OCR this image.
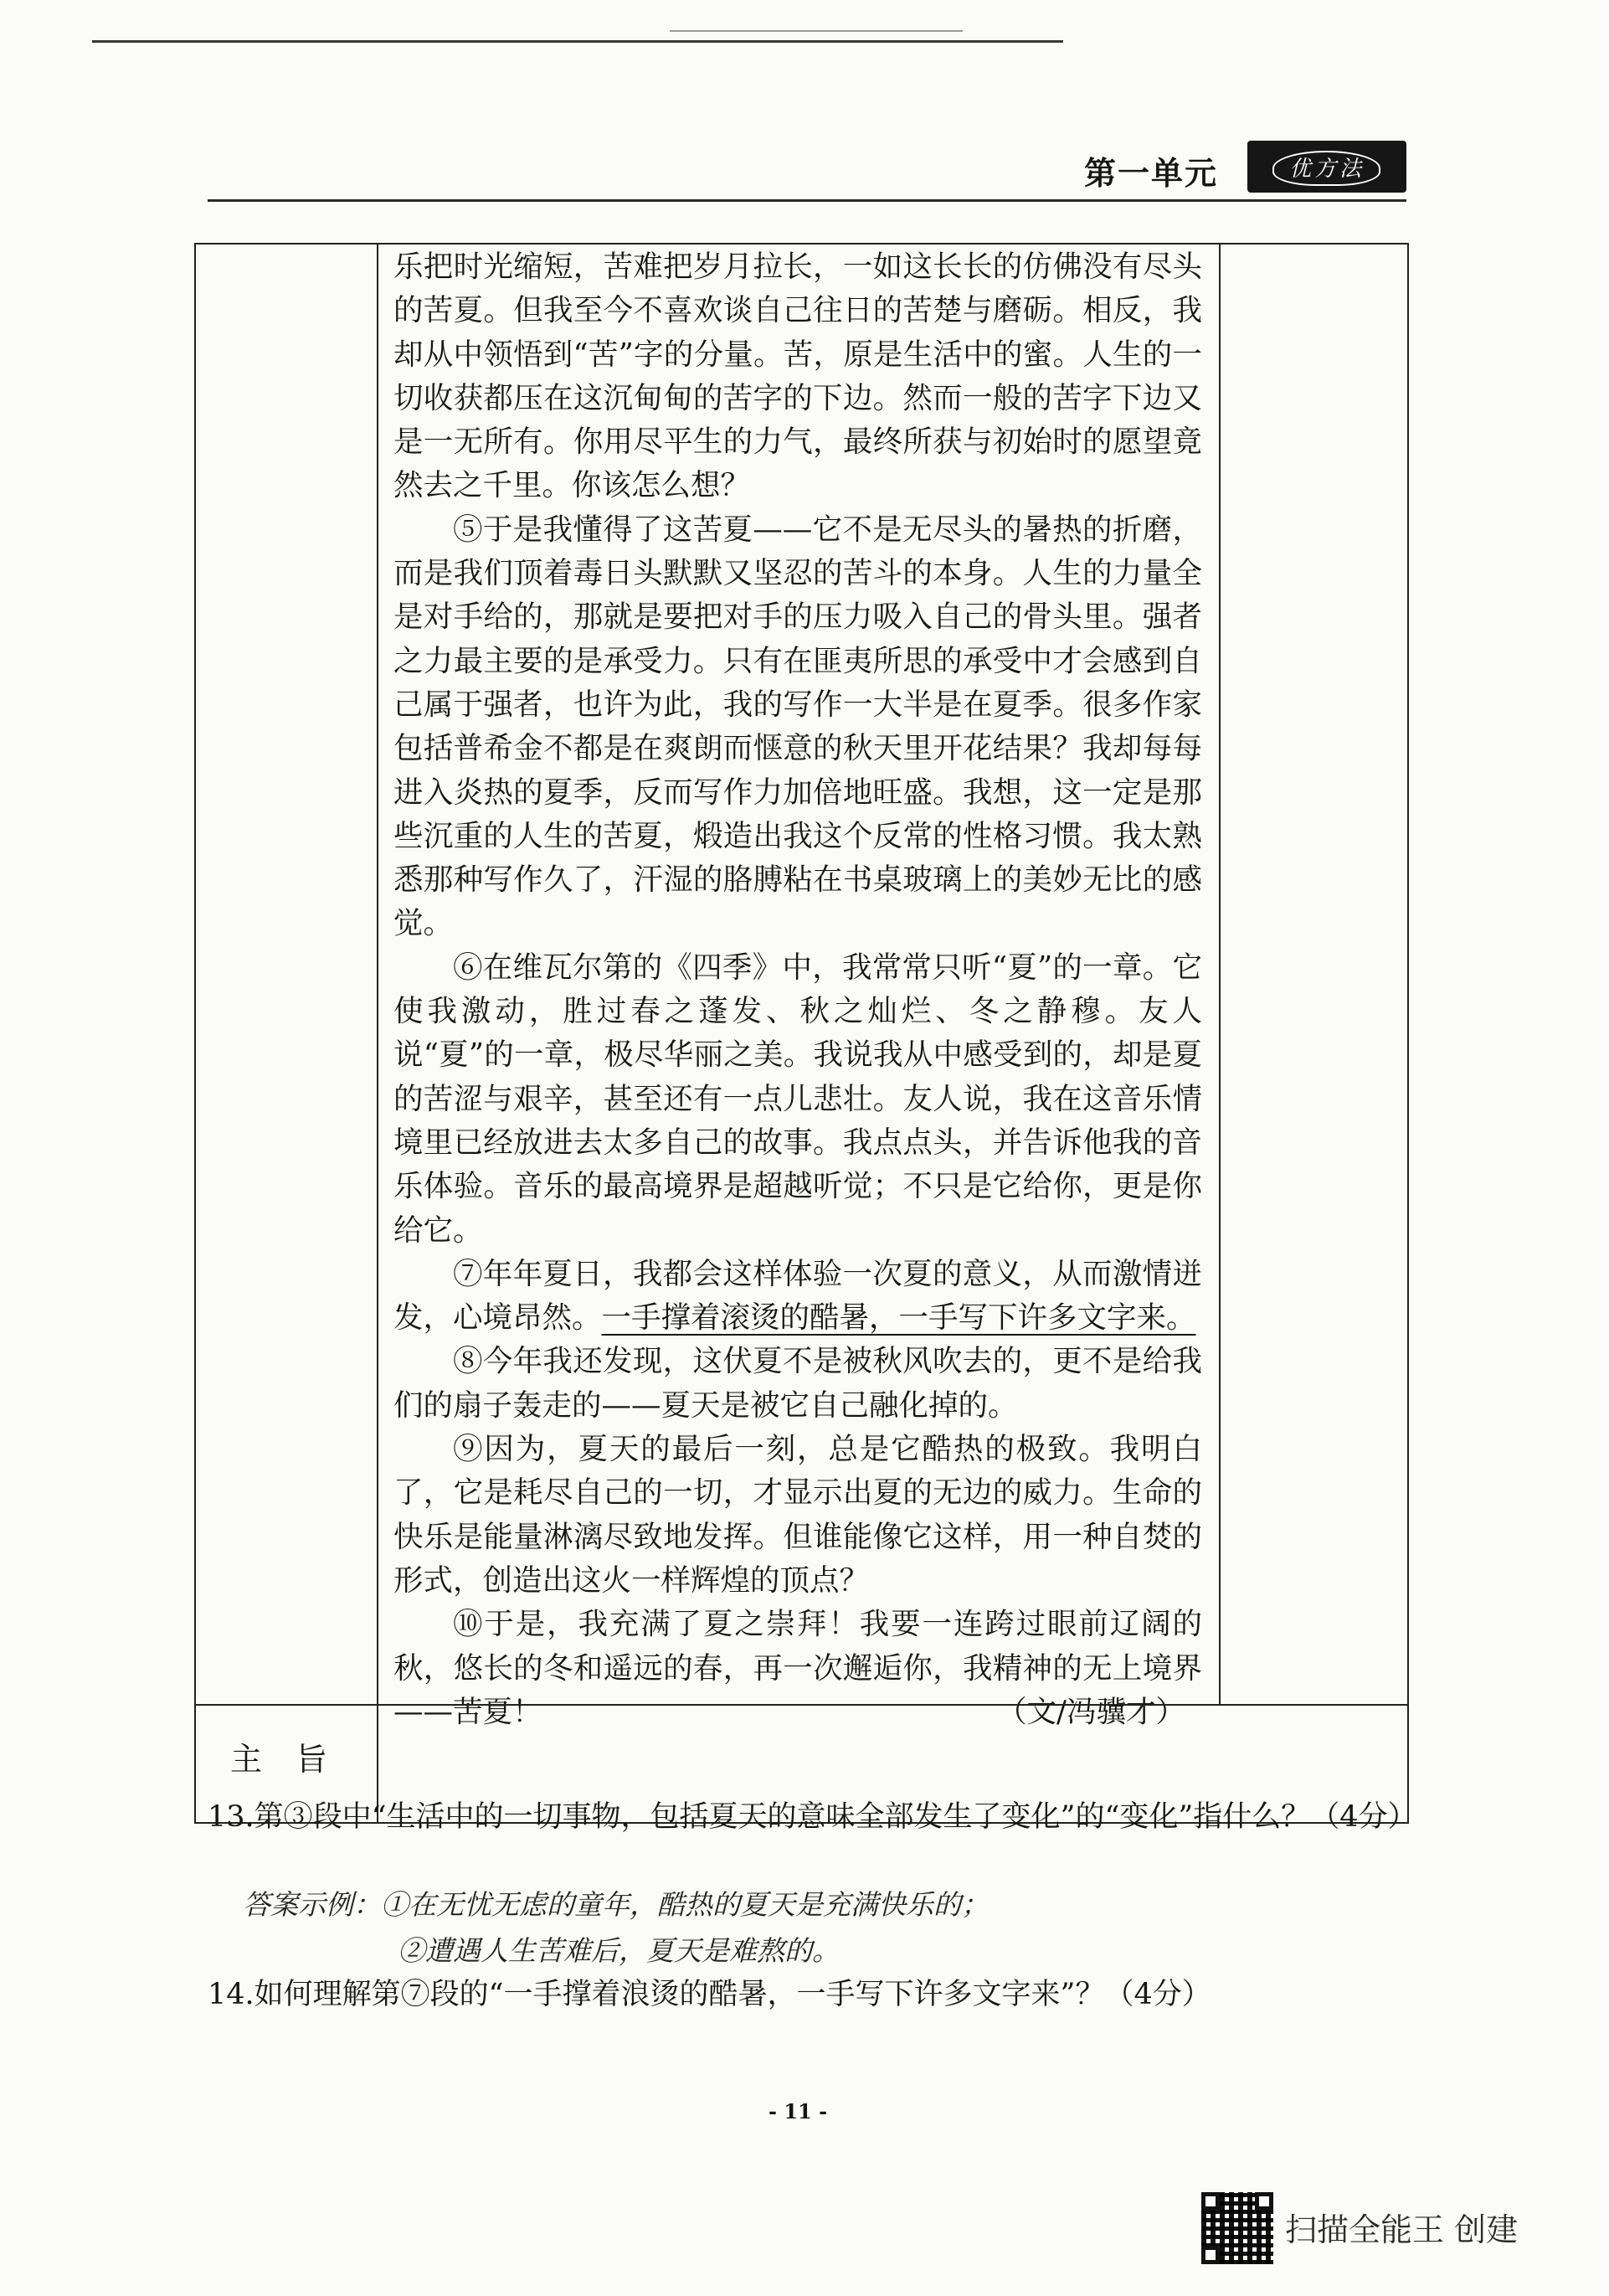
第一单元	优方法

乐把时光缩短，苦难把岁月拉长，一如这长长的仿佛没有尽头的苦夏。但我至今不喜欢谈自己往日的苦楚与磨砺。相反，我却从中领悟到“苦”字的分量。苦，原是生活中的蜜。人生的一切收获都压在这沉甸甸的苦字的下边。然而一般的苦字下边又是一无所有。你用尽平生的力气，最终所获与初始时的愿望竟然去之千里。你该怎么想？

⑤于是我懂得了这苦夏——它不是无尽头的暑热的折磨，而是我们顶着毒日头默默又坚忍的苦斗的本身。人生的力量全是对手给的，那就是要把对手的压力吸入自己的骨头里。强者之力最主要的是承受力。只有在匪夷所思的承受中才会感到自己属于强者，也许为此，我的写作一大半是在夏季。很多作家包括普希金不都是在爽朗而惬意的秋天里开花结果？我却每每进入炎热的夏季，反而写作力加倍地旺盛。我想，这一定是那些沉重的人生的苦夏，煅造出我这个反常的性格习惯。我太熟悉那种写作久了，汗湿的胳膊粘在书桌玻璃上的美妙无比的感觉。

⑥在维瓦尔第的《四季》中，我常常只听“夏”的一章。它使我激动，胜过春之蓬发、秋之灿烂、冬之静穆。友人说“夏”的一章，极尽华丽之美。我说我从中感受到的，却是夏的苦涩与艰辛，甚至还有一点儿悲壮。友人说，我在这音乐情境里已经放进去太多自己的故事。我点点头，并告诉他我的音乐体验。音乐的最高境界是超越听觉；不只是它给你，更是你给它。

⑦年年夏日，我都会这样体验一次夏的意义，从而激情迸发，心境昂然。一手撑着滚烫的酷暑，一手写下许多文字来。

⑧今年我还发现，这伏夏不是被秋风吹去的，更不是给我们的扇子轰走的——夏天是被它自己融化掉的。

⑨因为，夏天的最后一刻，总是它酷热的极致。我明白了，它是耗尽自己的一切，才显示出夏的无边的威力。生命的快乐是能量淋漓尽致地发挥。但谁能像它这样，用一种自焚的形式，创造出这火一样辉煌的顶点？

⑩于是，我充满了夏之崇拜！我要一连跨过眼前辽阔的秋，悠长的冬和遥远的春，再一次邂逅你，我精神的无上境界——苦夏！	（文/冯骥才）

主旨
13.第③段中“生活中的一切事物，包括夏天的意味全部发生了变化”的“变化”指什么？（4分）
答案示例：①在无忧无虑的童年，酷热的夏天是充满快乐的；
②遭遇人生苦难后，夏天是难熬的。
14.如何理解第⑦段的“一手撑着浪烫的酷暑，一手写下许多文字来”？（4分）
- 11 -
扫描全能王 创建
